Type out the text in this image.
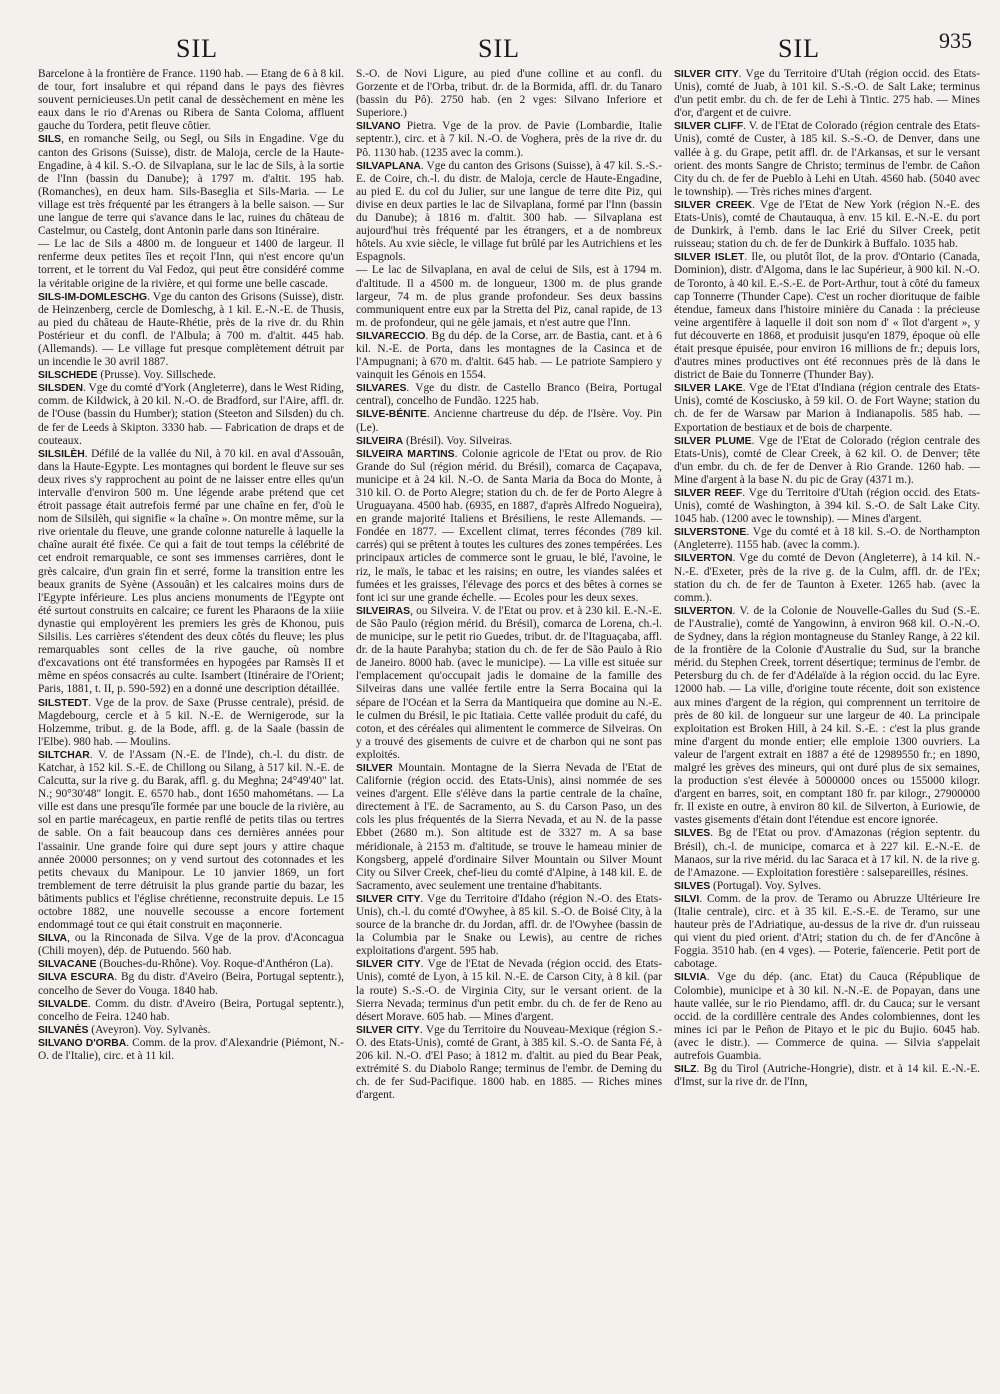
SIL	SIL	SIL	935

Barcelone à la frontière de France. 1190 hab. — Etang de 6 à 8 kil. de tour, fort insalubre et qui répand dans le pays des fièvres souvent pernicieuses.Un petit canal de dessèchement en mène les eaux dans le rio d'Arenas ou Ribera de Santa Coloma, affluent gauche du Tordera, petit fleuve côtier.

SILS, en romanche Seilg, ou Segl, ou Sils in Engadine. Vge du canton des Grisons (Suisse), distr. de Maloja, cercle de la Haute-Engadine, à 4 kil. S.-O. de Silvaplana, sur le lac de Sils, à la sortie de l'Inn (bassin du Danube); à 1797 m. d'altit. 195 hab. (Romanches), en deux ham. Sils-Baseglia et Sils-Maria. — Le village est très fréquenté par les étrangers à la belle saison. — Sur une langue de terre qui s'avance dans le lac, ruines du château de Castelmur, ou Castelg, dont Antonin parle dans son Itinéraire.

— Le lac de Sils a 4800 m. de longueur et 1400 de largeur. Il renferme deux petites îles et reçoit l'Inn, qui n'est encore qu'un torrent, et le torrent du Val Fedoz, qui peut être considéré comme la véritable origine de la rivière, et qui forme une belle cascade.

SILS-IM-DOMLESCHG. Vge du canton des Grisons (Suisse), distr. de Heinzenberg, cercle de Domleschg, à 1 kil. E.-N.-E. de Thusis, au pied du château de Haute-Rhétie, près de la rive dr. du Rhin Postérieur et du confl. de l'Albula; à 700 m. d'altit. 445 hab. (Allemands). — Le village fut presque complètement détruit par un incendie le 30 avril 1887.

SILSCHEDE (Prusse). Voy. Sillschede.

SILSDEN. Vge du comté d'York (Angleterre), dans le West Riding, comm. de Kildwick, à 20 kil. N.-O. de Bradford, sur l'Aire, affl. dr. de l'Ouse (bassin du Humber); station (Steeton and Silsden) du ch. de fer de Leeds à Skipton. 3330 hab. — Fabrication de draps et de couteaux.

SILSILÈH. Défilé de la vallée du Nil, à 70 kil. en aval d'Assouân, dans la Haute-Egypte. Les montagnes qui bordent le fleuve sur ses deux rives s'y rapprochent au point de ne laisser entre elles qu'un intervalle d'environ 500 m. Une légende arabe prétend que cet étroit passage était autrefois fermé par une chaîne en fer, d'où le nom de Silsilèh, qui signifie « la chaîne ». On montre même, sur la rive orientale du fleuve, une grande colonne naturelle à laquelle la chaîne aurait été fixée. Ce qui a fait de tout temps la célébrité de cet endroit remarquable, ce sont ses immenses carrières, dont le grès calcaire, d'un grain fin et serré, forme la transition entre les beaux granits de Syène (Assouân) et les calcaires moins durs de l'Egypte inférieure. Les plus anciens monuments de l'Egypte ont été surtout construits en calcaire; ce furent les Pharaons de la xiiie dynastie qui employèrent les premiers les grès de Khonou, puis Silsilis. Les carrières s'étendent des deux côtés du fleuve; les plus remarquables sont celles de la rive gauche, où nombre d'excavations ont été transformées en hypogées par Ramsès II et même en spéos consacrés au culte. Isambert (Itinéraire de l'Orient; Paris, 1881, t. II, p. 590-592) en a donné une description détaillée.

SILSTEDT. Vge de la prov. de Saxe (Prusse centrale), présid. de Magdebourg, cercle et à 5 kil. N.-E. de Wernigerode, sur la Holzemme, tribut. g. de la Bode, affl. g. de la Saale (bassin de l'Elbe). 980 hab. — Moulins.

SILTCHAR. V. de l'Assam (N.-E. de l'Inde), ch.-l. du distr. de Katchar, à 152 kil. S.-E. de Chillong ou Silang, à 517 kil. N.-E. de Calcutta, sur la rive g. du Barak, affl. g. du Meghna; 24°49'40" lat. N.; 90°30'48" longit. E. 6570 hab., dont 1650 mahométans. — La ville est dans une presqu'île formée par une boucle de la rivière, au sol en partie marécageux, en partie renflé de petits tilas ou tertres de sable. On a fait beaucoup dans ces dernières années pour l'assainir. Une grande foire qui dure sept jours y attire chaque année 20000 personnes; on y vend surtout des cotonnades et les petits chevaux du Manipour. Le 10 janvier 1869, un fort tremblement de terre détruisit la plus grande partie du bazar, les bâtiments publics et l'église chrétienne, reconstruite depuis. Le 15 octobre 1882, une nouvelle secousse a encore fortement endommagé tout ce qui était construit en maçonnerie.

SILVA, ou la Rinconada de Silva. Vge de la prov. d'Aconcagua (Chili moyen), dép. de Putuendo. 560 hab.

SILVACANE (Bouches-du-Rhône). Voy. Roque-d'Anthéron (La).

SILVA ESCURA. Bg du distr. d'Aveiro (Beira, Portugal septentr.), concelho de Sever do Vouga. 1840 hab.

SILVALDE. Comm. du distr. d'Aveiro (Beira, Portugal septentr.), concelho de Feira. 1240 hab.

SILVANÈS (Aveyron). Voy. Sylvanès.

SILVANO D'ORBA. Comm. de la prov. d'Alexandrie (Piémont, N.-O. de l'Italie), circ. et à 11 kil.

S.-O. de Novi Ligure, au pied d'une colline et au confl. du Gorzente et de l'Orba, tribut. dr. de la Bormida, affl. dr. du Tanaro (bassin du Pô). 2750 hab. (en 2 vges: Silvano Inferiore et Superiore.)

SILVANO Pietra. Vge de la prov. de Pavie (Lombardie, Italie septentr.), circ. et à 7 kil. N.-O. de Voghera, près de la rive dr. du Pô. 1130 hab. (1235 avec la comm.).

SILVAPLANA. Vge du canton des Grisons (Suisse), à 47 kil. S.-S.-E. de Coire, ch.-l. du distr. de Maloja, cercle de Haute-Engadine, au pied E. du col du Julier, sur une langue de terre dite Piz, qui divise en deux parties le lac de Silvaplana, formé par l'Inn (bassin du Danube); à 1816 m. d'altit. 300 hab. — Silvaplana est aujourd'hui très fréquenté par les étrangers, et a de nombreux hôtels. Au xvie siècle, le village fut brûlé par les Autrichiens et les Espagnols.

— Le lac de Silvaplana, en aval de celui de Sils, est à 1794 m. d'altitude. Il a 4500 m. de longueur, 1300 m. de plus grande largeur, 74 m. de plus grande profondeur. Ses deux bassins communiquent entre eux par la Stretta del Piz, canal rapide, de 13 m. de profondeur, qui ne gèle jamais, et n'est autre que l'Inn.

SILVARECCIO. Bg du dép. de la Corse, arr. de Bastia, cant. et à 6 kil. N.-E. de Porta, dans les montagnes de la Casinca et de l'Ampugnani; à 670 m. d'altit. 645 hab. — Le patriote Sampiero y vainquit les Génois en 1554.

SILVARES. Vge du distr. de Castello Branco (Beira, Portugal central), concelho de Fundão. 1225 hab.

SILVE-BÉNITE. Ancienne chartreuse du dép. de l'Isère. Voy. Pin (Le).

SILVEIRA (Brésil). Voy. Silveiras.

SILVEIRA MARTINS. Colonie agricole de l'Etat ou prov. de Rio Grande do Sul (région mérid. du Brésil), comarca de Caçapava, municipe et à 24 kil. N.-O. de Santa Maria da Boca do Monte, à 310 kil. O. de Porto Alegre; station du ch. de fer de Porto Alegre à Uruguayana. 4500 hab. (6935, en 1887, d'après Alfredo Nogueira), en grande majorité Italiens et Brésiliens, le reste Allemands. — Fondée en 1877. — Excellent climat, terres fécondes (789 kil. carrés) qui se prêtent à toutes les cultures des zones tempérées. Les principaux articles de commerce sont le gruau, le blé, l'avoine, le riz, le maïs, le tabac et les raisins; en outre, les viandes salées et fumées et les graisses, l'élevage des porcs et des bêtes à cornes se font ici sur une grande échelle. — Ecoles pour les deux sexes.

SILVEIRAS, ou Silveira. V. de l'Etat ou prov. et à 230 kil. E.-N.-E. de São Paulo (région mérid. du Brésil), comarca de Lorena, ch.-l. de municipe, sur le petit rio Guedes, tribut. dr. de l'Itaguaçaba, affl. dr. de la haute Parahyba; station du ch. de fer de São Paulo à Rio de Janeiro. 8000 hab. (avec le municipe). — La ville est située sur l'emplacement qu'occupait jadis le domaine de la famille des Silveiras dans une vallée fertile entre la Serra Bocaina qui la sépare de l'Océan et la Serra da Mantiqueira que domine au N.-E. le culmen du Brésil, le pic Itatiaia. Cette vallée produit du café, du coton, et des céréales qui alimentent le commerce de Silveiras. On y a trouvé des gisements de cuivre et de charbon qui ne sont pas exploités.

SILVER Mountain. Montagne de la Sierra Nevada de l'Etat de Californie (région occid. des Etats-Unis), ainsi nommée de ses veines d'argent. Elle s'élève dans la partie centrale de la chaîne, directement à l'E. de Sacramento, au S. du Carson Paso, un des cols les plus fréquentés de la Sierra Nevada, et au N. de la passe Ebbet (2680 m.). Son altitude est de 3327 m. A sa base méridionale, à 2153 m. d'altitude, se trouve le hameau minier de Kongsberg, appelé d'ordinaire Silver Mountain ou Silver Mount City ou Silver Creek, chef-lieu du comté d'Alpine, à 148 kil. E. de Sacramento, avec seulement une trentaine d'habitants.

SILVER CITY. Vge du Territoire d'Idaho (région N.-O. des Etats-Unis), ch.-l. du comté d'Owyhee, à 85 kil. S.-O. de Boisé City, à la source de la branche dr. du Jordan, affl. dr. de l'Owyhee (bassin de la Columbia par le Snake ou Lewis), au centre de riches exploitations d'argent. 595 hab.

SILVER CITY. Vge de l'Etat de Nevada (région occid. des Etats-Unis), comté de Lyon, à 15 kil. N.-E. de Carson City, à 8 kil. (par la route) S.-S.-O. de Virginia City, sur le versant orient. de la Sierra Nevada; terminus d'un petit embr. du ch. de fer de Reno au désert Morave. 605 hab. — Mines d'argent.

SILVER CITY. Vge du Territoire du Nouveau-Mexique (région S.-O. des Etats-Unis), comté de Grant, à 385 kil. S.-O. de Santa Fé, à 206 kil. N.-O. d'El Paso; à 1812 m. d'altit. au pied du Bear Peak, extrémité S. du Diabolo Range; terminus de l'embr. de Deming du ch. de fer Sud-Pacifique. 1800 hab. en 1885. — Riches mines d'argent.

SILVER CITY. Vge du Territoire d'Utah (région occid. des Etats-Unis), comté de Juab, à 101 kil. S.-S.-O. de Salt Lake; terminus d'un petit embr. du ch. de fer de Lehi à Tintic. 275 hab. — Mines d'or, d'argent et de cuivre.

SILVER CLIFF. V. de l'Etat de Colorado (région centrale des Etats-Unis), comté de Custer, à 185 kil. S.-S.-O. de Denver, dans une vallée à g. du Grape, petit affl. dr. de l'Arkansas, et sur le versant orient. des monts Sangre de Christo; terminus de l'embr. de Cañon City du ch. de fer de Pueblo à Lehi en Utah. 4560 hab. (5040 avec le township). — Très riches mines d'argent.

SILVER CREEK. Vge de l'Etat de New York (région N.-E. des Etats-Unis), comté de Chautauqua, à env. 15 kil. E.-N.-E. du port de Dunkirk, à l'emb. dans le lac Erié du Silver Creek, petit ruisseau; station du ch. de fer de Dunkirk à Buffalo. 1035 hab.

SILVER ISLET. Ile, ou plutôt îlot, de la prov. d'Ontario (Canada, Dominion), distr. d'Algoma, dans le lac Supérieur, à 900 kil. N.-O. de Toronto, à 40 kil. E.-S.-E. de Port-Arthur, tout à côté du fameux cap Tonnerre (Thunder Cape). C'est un rocher diorituque de faible étendue, fameux dans l'histoire minière du Canada : la précieuse veine argentifère à laquelle il doit son nom d' « îlot d'argent », y fut découverte en 1868, et produisit jusqu'en 1879, époque où elle était presque épuisée, pour environ 16 millions de fr.; depuis lors, d'autres mines productives ont été reconnues près de là dans le district de Baie du Tonnerre (Thunder Bay).

SILVER LAKE. Vge de l'Etat d'Indiana (région centrale des Etats-Unis), comté de Kosciusko, à 59 kil. O. de Fort Wayne; station du ch. de fer de Warsaw par Marion à Indianapolis. 585 hab. — Exportation de bestiaux et de bois de charpente.

SILVER PLUME. Vge de l'Etat de Colorado (région centrale des Etats-Unis), comté de Clear Creek, à 62 kil. O. de Denver; tête d'un embr. du ch. de fer de Denver à Rio Grande. 1260 hab. — Mine d'argent à la base N. du pic de Gray (4371 m.).

SILVER REEF. Vge du Territoire d'Utah (région occid. des Etats-Unis), comté de Washington, à 394 kil. S.-O. de Salt Lake City. 1045 hab. (1200 avec le township). — Mines d'argent.

SILVERSTONE. Vge du comté et à 18 kil. S.-O. de Northampton (Angleterre). 1155 hab. (avec la comm.).

SILVERTON. Vge du comté de Devon (Angleterre), à 14 kil. N.-N.-E. d'Exeter, près de la rive g. de la Culm, affl. dr. de l'Ex; station du ch. de fer de Taunton à Exeter. 1265 hab. (avec la comm.).

SILVERTON. V. de la Colonie de Nouvelle-Galles du Sud (S.-E. de l'Australie), comté de Yangowinn, à environ 968 kil. O.-N.-O. de Sydney, dans la région montagneuse du Stanley Range, à 22 kil. de la frontière de la Colonie d'Australie du Sud, sur la branche mérid. du Stephen Creek, torrent désertique; terminus de l'embr. de Petersburg du ch. de fer d'Adélaïde à la région occid. du lac Eyre. 12000 hab. — La ville, d'origine toute récente, doit son existence aux mines d'argent de la région, qui comprennent un territoire de près de 80 kil. de longueur sur une largeur de 40. La principale exploitation est Broken Hill, à 24 kil. S.-E. : c'est la plus grande mine d'argent du monde entier; elle emploie 1300 ouvriers. La valeur de l'argent extrait en 1887 a été de 12989550 fr.; en 1890, malgré les grèves des mineurs, qui ont duré plus de six semaines, la production s'est élevée à 5000000 onces ou 155000 kilogr. d'argent en barres, soit, en comptant 180 fr. par kilogr., 27900000 fr. Il existe en outre, à environ 80 kil. de Silverton, à Euriowie, de vastes gisements d'étain dont l'étendue est encore ignorée.

SILVES. Bg de l'Etat ou prov. d'Amazonas (région septentr. du Brésil), ch.-l. de municipe, comarca et à 227 kil. E.-N.-E. de Manaos, sur la rive mérid. du lac Saraca et à 17 kil. N. de la rive g. de l'Amazone. — Exploitation forestière : salsepareilles, résines.

SILVES (Portugal). Voy. Sylves.

SILVI. Comm. de la prov. de Teramo ou Abruzze Ultérieure Ire (Italie centrale), circ. et à 35 kil. E.-S.-E. de Teramo, sur une hauteur près de l'Adriatique, au-dessus de la rive dr. d'un ruisseau qui vient du pied orient. d'Atri; station du ch. de fer d'Ancône à Foggia. 3510 hab. (en 4 vges). — Poterie, faïencerie. Petit port de cabotage.

SILVIA. Vge du dép. (anc. Etat) du Cauca (République de Colombie), municipe et à 30 kil. N.-N.-E. de Popayan, dans une haute vallée, sur le rio Piendamo, affl. dr. du Cauca; sur le versant occid. de la cordillère centrale des Andes colombiennes, dont les mines ici par le Peñon de Pitayo et le pic du Bujio. 6045 hab. (avec le distr.). — Commerce de quina. — Silvia s'appelait autrefois Guambia.

SILZ. Bg du Tirol (Autriche-Hongrie), distr. et à 14 kil. E.-N.-E. d'Imst, sur la rive dr. de l'Inn,
